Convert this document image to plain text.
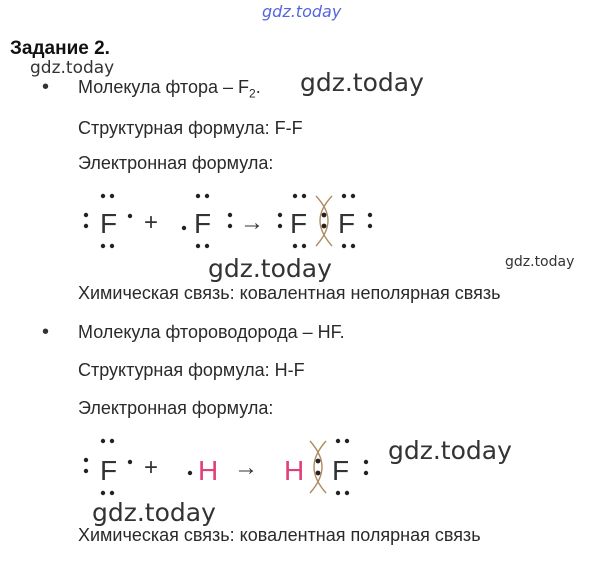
gdz.today
gdz.today	gdz.today
gdz.today	gdz.today
gdz.today
gdz.today
Задание 2.
• Молекула фтора – $F_2$.
Структурная формула: F-F
Электронная формула:
F + F → F F
Химическая связь: ковалентная неполярная связь
• Молекула фтороводорода – HF.
Структурная формула: H-F
Электронная формула:
F + H → H F
Химическая связь: ковалентная полярная связь
